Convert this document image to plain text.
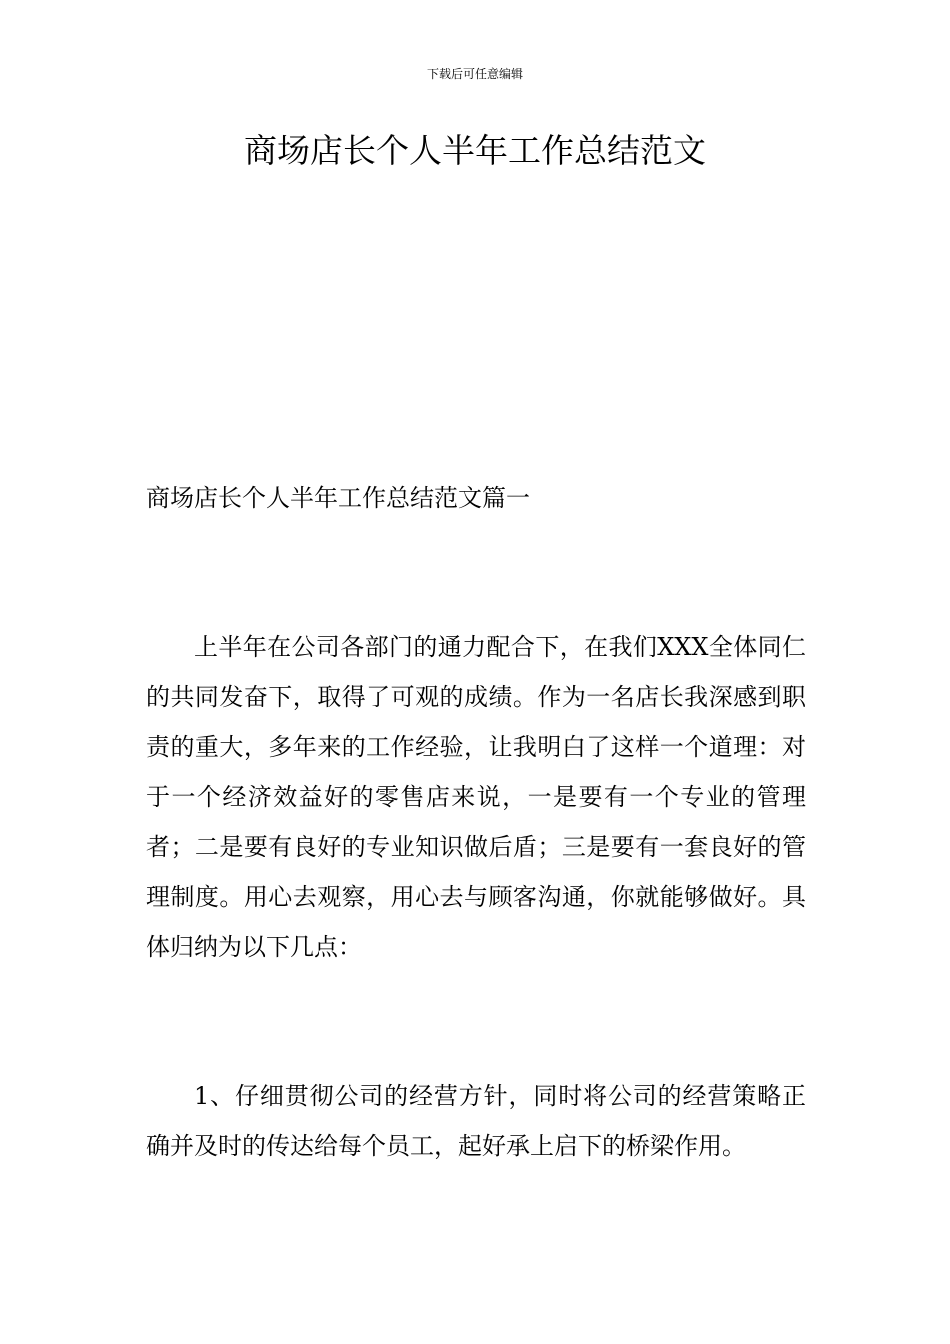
下载后可任意编辑
商场店长个人半年工作总结范文
商场店长个人半年工作总结范文篇一

上半年在公司各部门的通力配合下，在我们XXX全体同仁的共同发奋下，取得了可观的成绩。作为一名店长我深感到职责的重大，多年来的工作经验，让我明白了这样一个道理：对于一个经济效益好的零售店来说，一是要有一个专业的管理者；二是要有良好的专业知识做后盾；三是要有一套良好的管理制度。用心去观察，用心去与顾客沟通，你就能够做好。具体归纳为以下几点：

1、仔细贯彻公司的经营方针，同时将公司的经营策略正确并及时的传达给每个员工，起好承上启下的桥梁作用。
